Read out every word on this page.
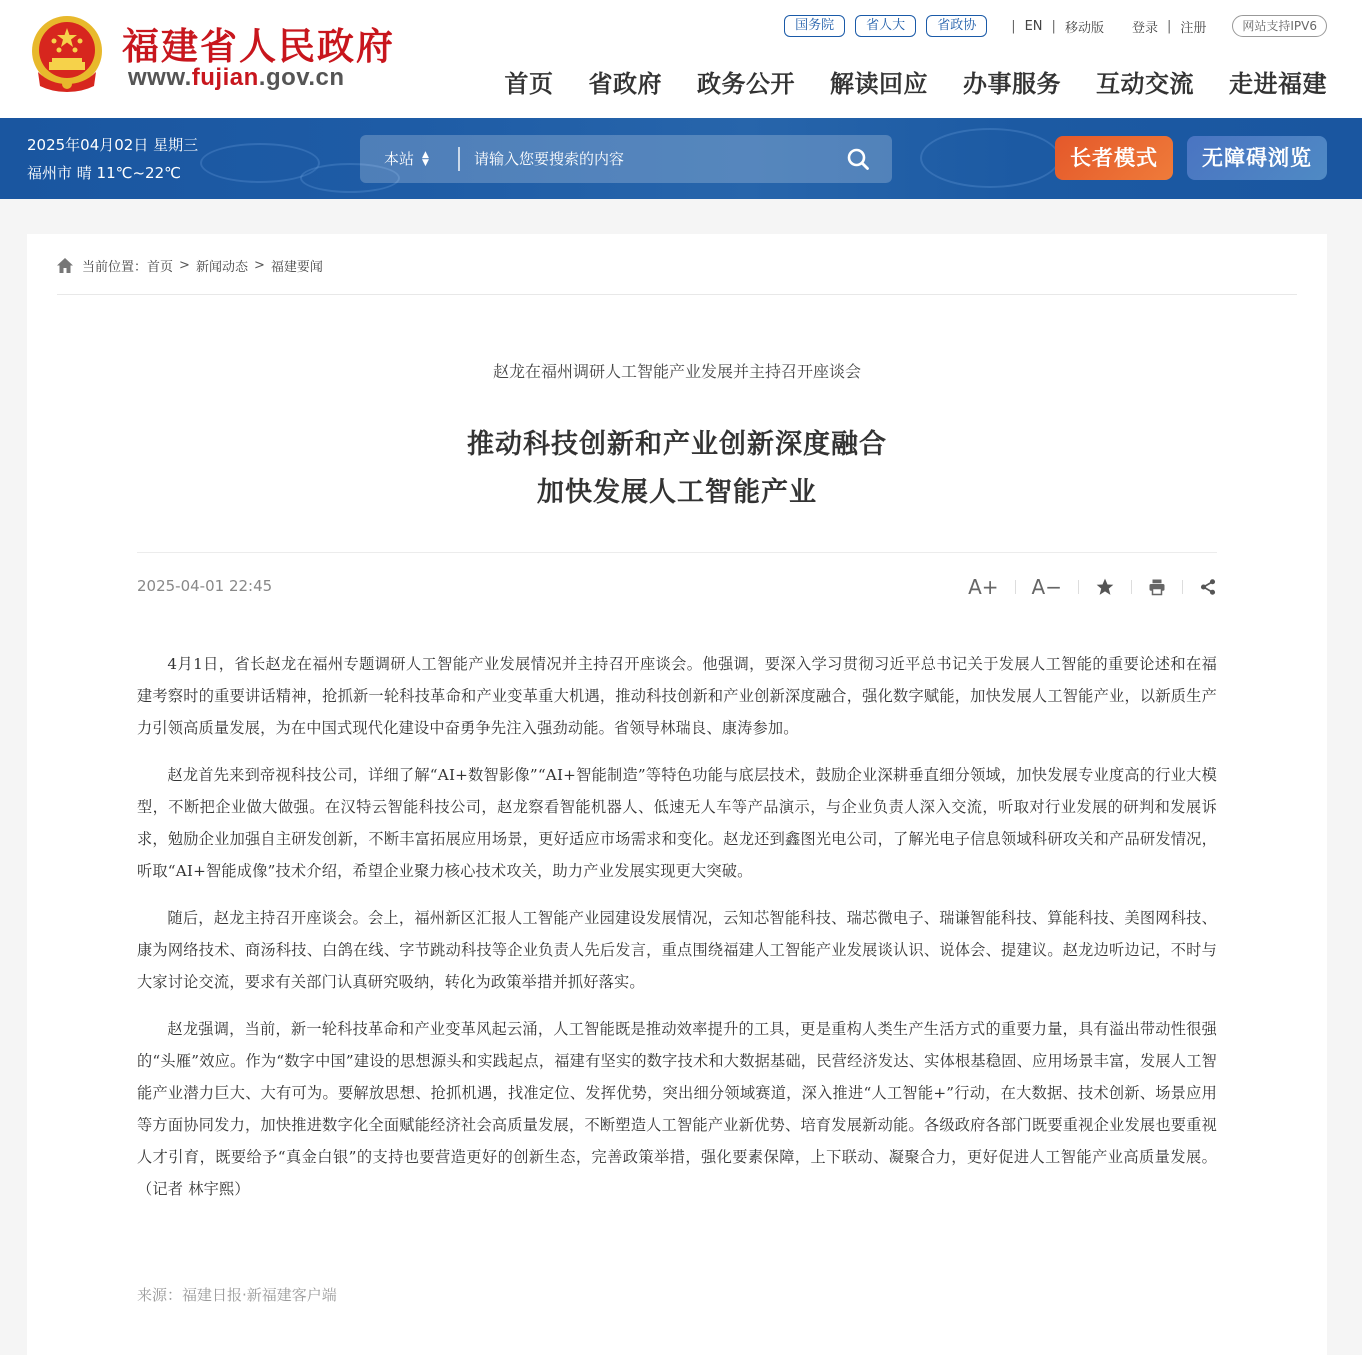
福建省人民政府
www.fujian.gov.cn
国务院	省人大	省政协	| EN | 移动版 登录 | 注册	网站支持IPV6
首页 省政府 政务公开 解读回应 办事服务 互动交流 走进福建
2025年04月02日 星期三
福州市 晴 11℃~22℃
本站 ▲
▼
请输入您要搜索的内容	长者模式	无障碍浏览
当前位置： 首页 > 新闻动态 > 福建要闻
赵龙在福州调研人工智能产业发展并主持召开座谈会
推动科技创新和产业创新深度融合
加快发展人工智能产业
2025-04-01 22:45	A+ A−

4月1日，省长赵龙在福州专题调研人工智能产业发展情况并主持召开座谈会。他强调，要深入学习贯彻习近平总书记关于发展人工智能的重要论述和在福建考察时的重要讲话精神，抢抓新一轮科技革命和产业变革重大机遇，推动科技创新和产业创新深度融合，强化数字赋能，加快发展人工智能产业，以新质生产力引领高质量发展，为在中国式现代化建设中奋勇争先注入强劲动能。省领导林瑞良、康涛参加。

赵龙首先来到帝视科技公司，详细了解“AI+数智影像”“AI+智能制造”等特色功能与底层技术，鼓励企业深耕垂直细分领域，加快发展专业度高的行业大模型，不断把企业做大做强。在汉特云智能科技公司，赵龙察看智能机器人、低速无人车等产品演示，与企业负责人深入交流，听取对行业发展的研判和发展诉求，勉励企业加强自主研发创新，不断丰富拓展应用场景，更好适应市场需求和变化。赵龙还到鑫图光电公司，了解光电子信息领域科研攻关和产品研发情况，听取“AI+智能成像”技术介绍，希望企业聚力核心技术攻关，助力产业发展实现更大突破。

随后，赵龙主持召开座谈会。会上，福州新区汇报人工智能产业园建设发展情况，云知芯智能科技、瑞芯微电子、瑞谦智能科技、算能科技、美图网科技、康为网络技术、商汤科技、白鸽在线、字节跳动科技等企业负责人先后发言，重点围绕福建人工智能产业发展谈认识、说体会、提建议。赵龙边听边记，不时与大家讨论交流，要求有关部门认真研究吸纳，转化为政策举措并抓好落实。

赵龙强调，当前，新一轮科技革命和产业变革风起云涌，人工智能既是推动效率提升的工具，更是重构人类生产生活方式的重要力量，具有溢出带动性很强的“头雁”效应。作为“数字中国”建设的思想源头和实践起点，福建有坚实的数字技术和大数据基础，民营经济发达、实体根基稳固、应用场景丰富，发展人工智能产业潜力巨大、大有可为。要解放思想、抢抓机遇，找准定位、发挥优势，突出细分领域赛道，深入推进“人工智能+”行动，在大数据、技术创新、场景应用等方面协同发力，加快推进数字化全面赋能经济社会高质量发展，不断塑造人工智能产业新优势、培育发展新动能。各级政府各部门既要重视企业发展也要重视人才引育，既要给予“真金白银”的支持也要营造更好的创新生态，完善政策举措，强化要素保障，上下联动、凝聚合力，更好促进人工智能产业高质量发展。（记者 林宇熙）

来源：福建日报·新福建客户端
